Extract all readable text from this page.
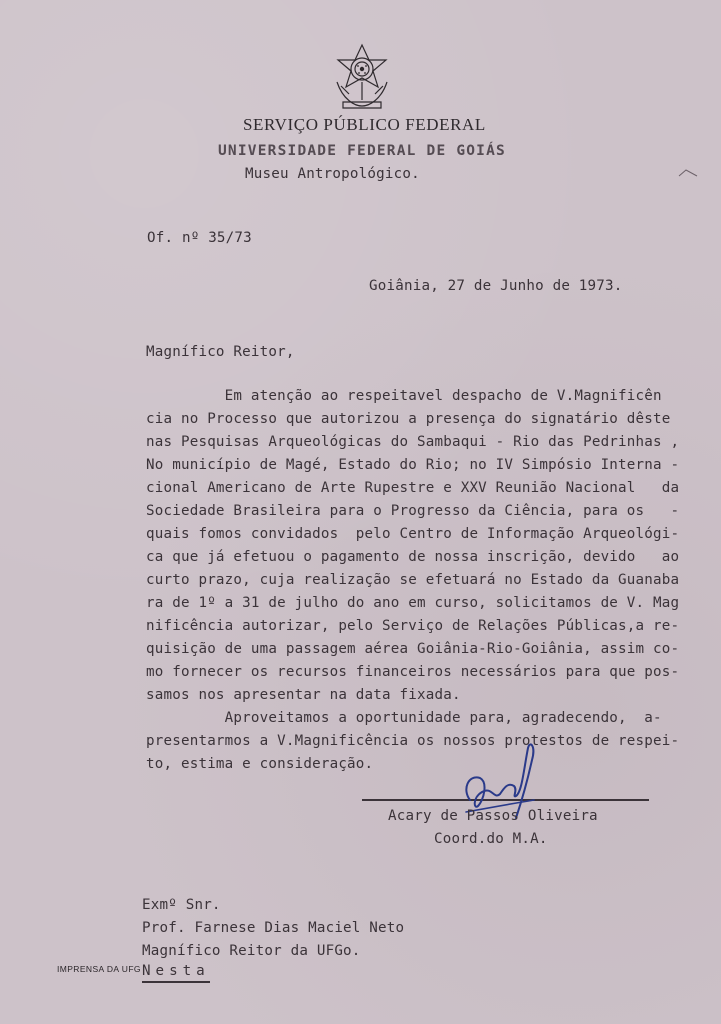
SERVIÇO PÚBLICO FEDERAL
UNIVERSIDADE FEDERAL DE GOIÁS
Museu Antropológico.
Of. nº 35/73
Goiânia, 27 de Junho de 1973.
Magnífico Reitor,
Em atenção ao respeitavel despacho de V.Magnificên
cia no Processo que autorizou a presença do signatário dêste
nas Pesquisas Arqueológicas do Sambaqui - Rio das Pedrinhas ,
No município de Magé, Estado do Rio; no IV Simpósio Interna -
cional Americano de Arte Rupestre e XXV Reunião Nacional   da
Sociedade Brasileira para o Progresso da Ciência, para os   -
quais fomos convidados  pelo Centro de Informação Arqueológi-
ca que já efetuou o pagamento de nossa inscrição, devido   ao
curto prazo, cuja realização se efetuará no Estado da Guanaba
ra de 1º a 31 de julho do ano em curso, solicitamos de V. Mag
nificência autorizar, pelo Serviço de Relações Públicas,a re-
quisição de uma passagem aérea Goiânia-Rio-Goiânia, assim co-
mo fornecer os recursos financeiros necessários para que pos-
samos nos apresentar na data fixada.
Aproveitamos a oportunidade para, agradecendo,  a-
presentarmos a V.Magnificência os nossos protestos de respei-
to, estima e consideração.
Acary de Passos Oliveira
Coord.do M.A.
Exmº Snr.
Prof. Farnese Dias Maciel Neto
Magnífico Reitor da UFGo.
IMPRENSA DA UFG Nesta
